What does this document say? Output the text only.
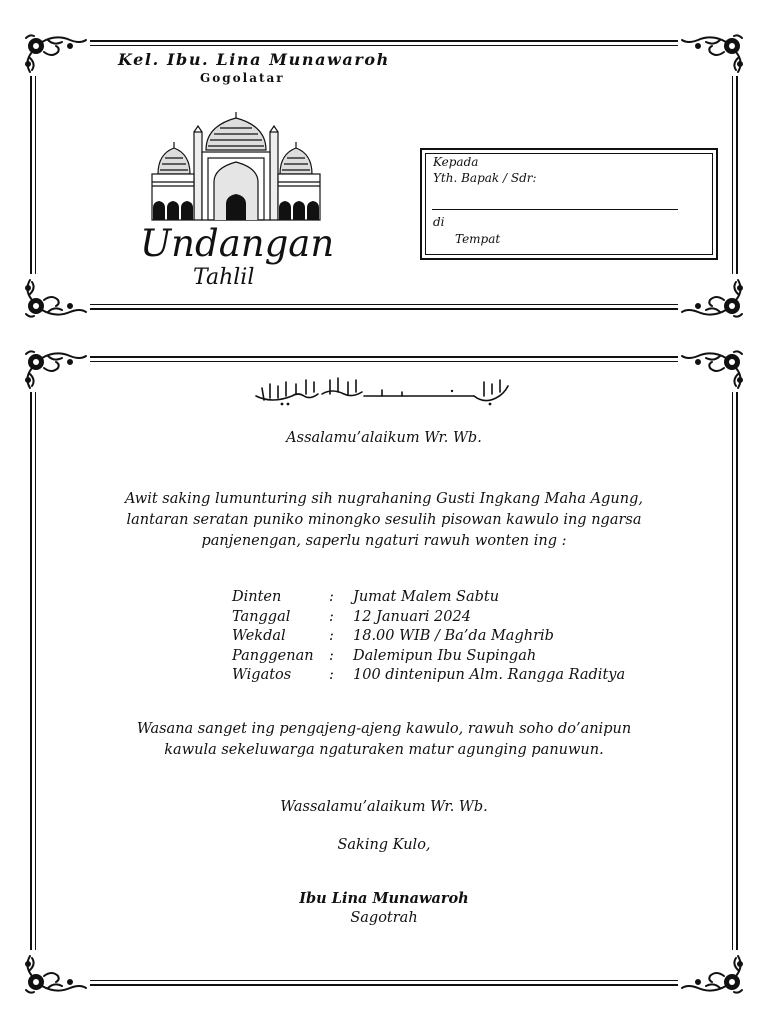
Kel. Ibu. Lina Munawaroh
Gogolatar
Undangan
Tahlil
Kepada
Yth. Bapak / Sdr:
di
Tempat
Assalamu’alaikum Wr. Wb.
Awit saking lumunturing sih nugrahaning Gusti Ingkang Maha Agung,
lantaran seratan puniko minongko sesulih pisowan kawulo ing ngarsa
panjenengan, saperlu ngaturi rawuh wonten ing :
Dinten	: Jumat Malem Sabtu
Tanggal	: 12 Januari 2024
Wekdal	: 18.00 WIB / Ba’da Maghrib
Panggenan : Dalemipun Ibu Supingah
Wigatos	: 100 dintenipun Alm. Rangga Raditya
Wasana sanget ing pengajeng-ajeng kawulo, rawuh soho do’anipun
kawula sekeluwarga ngaturaken matur agunging panuwun.
Wassalamu’alaikum Wr. Wb.
Saking Kulo,
Ibu Lina Munawaroh
Sagotrah
